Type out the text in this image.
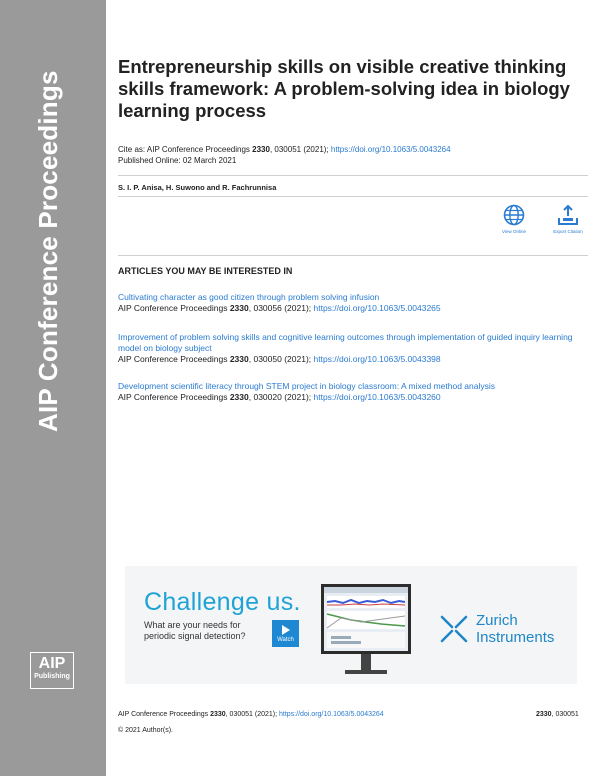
AIP Conference Proceedings
AIP
Publishing
Entrepreneurship skills on visible creative thinking skills framework: A problem-solving idea in biology learning process
Cite as: AIP Conference Proceedings 2330, 030051 (2021); https://doi.org/10.1063/5.0043264
Published Online: 02 March 2021
S. I. P. Anisa, H. Suwono and R. Fachrunnisa
View Online	Export Citation
ARTICLES YOU MAY BE INTERESTED IN
Cultivating character as good citizen through problem solving infusion
AIP Conference Proceedings 2330, 030056 (2021); https://doi.org/10.1063/5.0043265
Improvement of problem solving skills and cognitive learning outcomes through implementation of guided inquiry learning model on biology subject
AIP Conference Proceedings 2330, 030050 (2021); https://doi.org/10.1063/5.0043398
Development scientific literacy through STEM project in biology classroom: A mixed method analysis
AIP Conference Proceedings 2330, 030020 (2021); https://doi.org/10.1063/5.0043260
Challenge us.
What are your needs for
periodic signal detection?	Watch
Zurich
Instruments
AIP Conference Proceedings 2330, 030051 (2021); https://doi.org/10.1063/5.0043264	2330, 030051
© 2021 Author(s).
